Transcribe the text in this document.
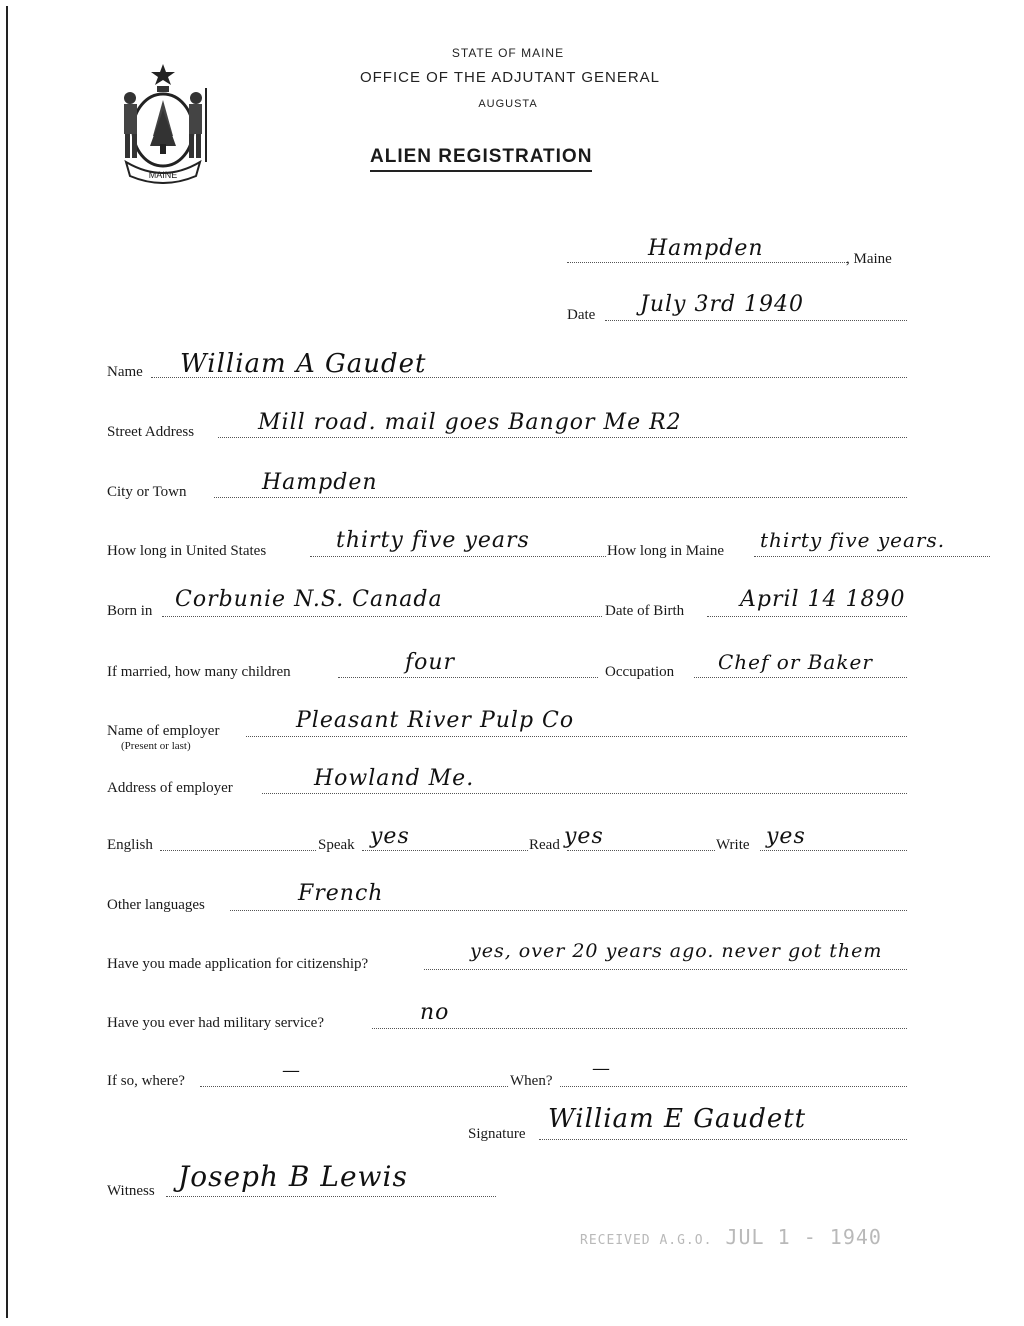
MAINE
STATE OF MAINE
OFFICE OF THE ADJUTANT GENERAL
AUGUSTA
ALIEN REGISTRATION
Hampden	, Maine
Date July 3rd 1940
Name William A Gaudet
Street Address	Mill road. mail goes Bangor Me R2
City or Town	Hampden
How long in United States	thirty five years	How long in Maine thirty five years.
Born in Corbunie N.S. Canada	Date of Birth	April 14 1890
If married, how many children	four	Occupation Chef or Baker
Name of employer
(Present or last)
Pleasant River Pulp Co
Address of employer	Howland Me.
English	Speak yes	Read yes	Write yes
Other languages	French
Have you made application for citizenship?
yes, over 20 years ago. never got them
Have you ever had military service?	no
If so, where?	—	When?
—
Signature William E Gaudett
Witness Joseph B Lewis
RECEIVED A.G.O. JUL 1 - 1940
